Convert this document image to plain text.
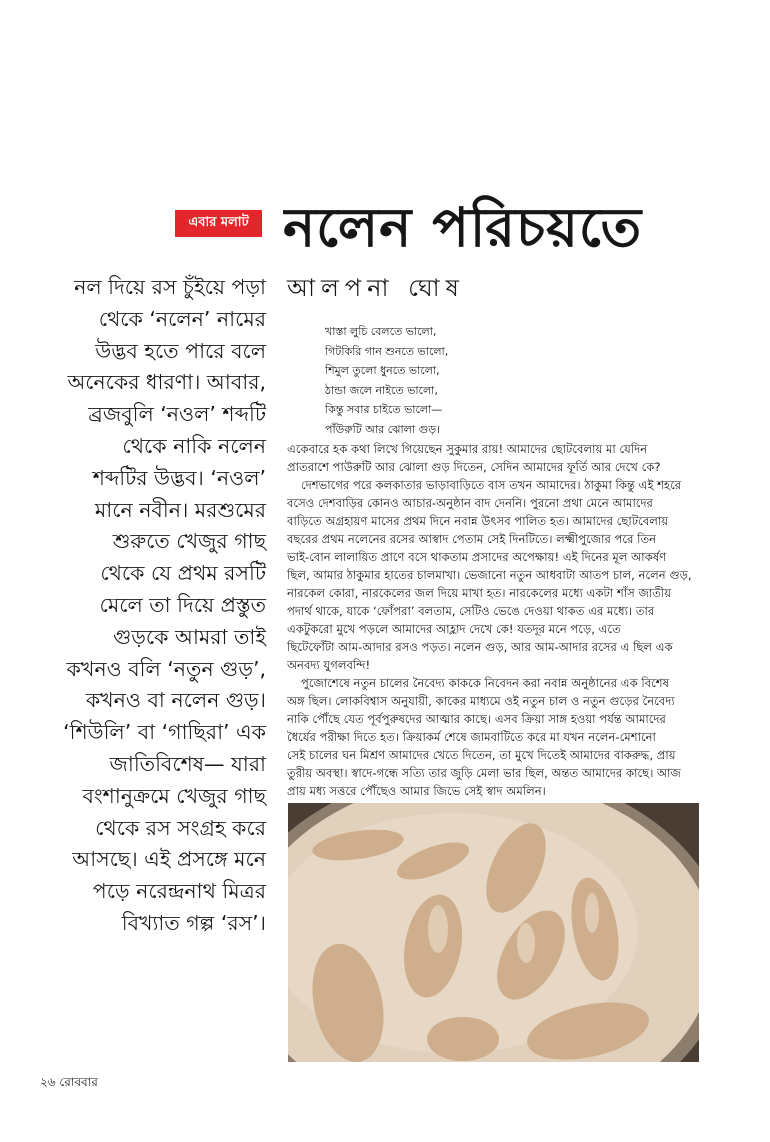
এবার মলাট নলেন পরিচয়তে
নল দিয়ে রস চুঁইয়ে পড়া
থেকে ‘নলেন’ নামের
উদ্ভব হতে পারে বলে
অনেকের ধারণা। আবার,
ব্রজবুলি ‘নওল’ শব্দটি
থেকে নাকি নলেন
শব্দটির উদ্ভব। ‘নওল’
মানে নবীন। মরশুমের
শুরুতে খেজুর গাছ
থেকে যে প্রথম রসটি
মেলে তা দিয়ে প্রস্তুত
গুড়কে আমরা তাই
কখনও বলি ‘নতুন গুড়’,
কখনও বা নলেন গুড়।
‘শিউলি’ বা ‘গাছিরা’ এক
জাতিবিশেষ— যারা
বংশানুক্রমে খেজুর গাছ
থেকে রস সংগ্রহ করে
আসছে। এই প্রসঙ্গে মনে
পড়ে নরেন্দ্রনাথ মিত্রর
বিখ্যাত গল্প ‘রস’।
আলপনা ঘোষ
খাস্তা লুচি বেলতে ভালো,
গিটকিরি গান শুনতে ভালো,
শিমুল তুলো ধুনতে ভালো,
ঠান্ডা জলে নাইতে ভালো,
কিন্তু সবার চাইতে ভালো—
পাঁউরুটি আর ঝোলা গুড়।

একেবারে হক কথা লিখে গিয়েছেন সুকুমার রায়! আমাদের ছোটবেলায় মা যেদিন
প্রাতরাশে পাউরুটি আর ঝোলা গুড় দিতেন, সেদিন আমাদের ফূর্তি আর দেখে কে?

দেশভাগের পরে কলকাতার ভাড়াবাড়িতে বাস তখন আমাদের। ঠাকুমা কিন্তু এই শহরে
বসেও দেশবাড়ির কোনও আচার-অনুষ্ঠান বাদ দেননি। পুরনো প্রথা মেনে আমাদের
বাড়িতে অগ্রহায়ণ মাসের প্রথম দিনে নবান্ন উৎসব পালিত হত। আমাদের ছোটবেলায়
বছরের প্রথম নলেনের রসের আস্বাদ পেতাম সেই দিনটিতে। লক্ষ্মীপুজোর পরে তিন
ভাই-বোন লালায়িত প্রাণে বসে থাকতাম প্রসাদের অপেক্ষায়! এই দিনের মূল আকর্ষণ
ছিল, আমার ঠাকুমার হাতের চালমাখা। ভেজানো নতুন আধবাটা আতপ চাল, নলেন গুড়,
নারকেল কোরা, নারকেলের জল দিয়ে মাখা হত। নারকেলের মধ্যে একটা শাঁস জাতীয়
পদার্থ থাকে, যাকে ‘ফোঁপরা’ বলতাম, সেটিও ভেঙে দেওয়া থাকত এর মধ্যে। তার
একটুকরো মুখে পড়লে আমাদের আহ্লাদ দেখে কে! যতদূর মনে পড়ে, এতে
ছিটেফোঁটা আম-আদার রসও পড়ত। নলেন গুড়, আর আম-আদার রসের এ ছিল এক
অনবদ্য যুগলবন্দি!

পুজোশেষে নতুন চালের নৈবেদ্য কাককে নিবেদন করা নবান্ন অনুষ্ঠানের এক বিশেষ
অঙ্গ ছিল। লোকবিশ্বাস অনুযায়ী, কাকের মাধ্যমে ওই নতুন চাল ও নতুন গুড়ের নৈবেদ্য
নাকি পৌঁছে যেত পূর্বপুরুষদের আত্মার কাছে। এসব ক্রিয়া সাঙ্গ হওয়া পর্যন্ত আমাদের
ধৈর্যের পরীক্ষা দিতে হত। ক্রিয়াকর্ম শেষে জামবাটিতে করে মা যখন নলেন-মেশানো
সেই চালের ঘন মিশ্রণ আমাদের খেতে দিতেন, তা মুখে দিতেই আমাদের বাকরুদ্ধ, প্রায়
তুরীয় অবস্থা। স্বাদে-গন্ধে সত্যি তার জুড়ি মেলা ভার ছিল, অন্তত আমাদের কাছে। আজ
প্রায় মধ্য সত্তরে পৌঁছেও আমার জিভে সেই স্বাদ অমলিন।

২৬ রোববার
